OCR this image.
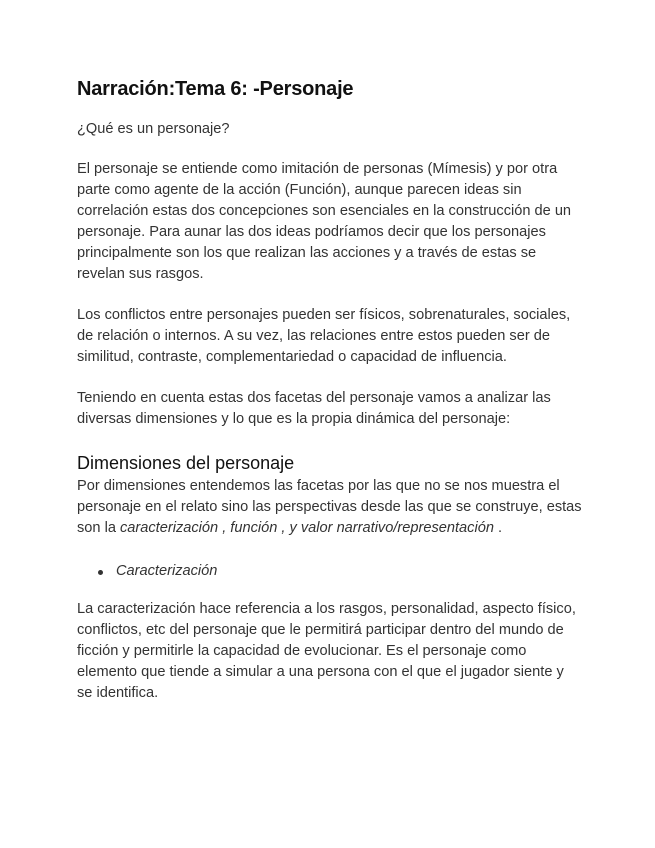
Narración:Tema 6: -Personaje

¿Qué es un personaje?

El personaje se entiende como imitación de personas (Mímesis) y por otra parte como agente de la acción (Función), aunque parecen ideas sin correlación estas dos concepciones son esenciales en la construcción de un personaje. Para aunar las dos ideas podríamos decir que los personajes principalmente son los que realizan las acciones y a través de estas se revelan sus rasgos.

Los conflictos entre personajes pueden ser físicos, sobrenaturales, sociales, de relación o internos. A su vez, las relaciones entre estos pueden ser de similitud, contraste, complementariedad o capacidad de influencia.

Teniendo en cuenta estas dos facetas del personaje vamos a analizar las diversas dimensiones y lo que es la propia dinámica del personaje:

Dimensiones del personaje

Por dimensiones entendemos las facetas por las que no se nos muestra el personaje en el relato sino las perspectivas desde las que se construye, estas son la caracterización , función , y valor narrativo/representación .

Caracterización

La caracterización hace referencia a los rasgos, personalidad, aspecto físico, conflictos, etc del personaje que le permitirá participar dentro del mundo de ficción y permitirle la capacidad de evolucionar. Es el personaje como elemento que tiende a simular a una persona con el que el jugador siente y se identifica.
